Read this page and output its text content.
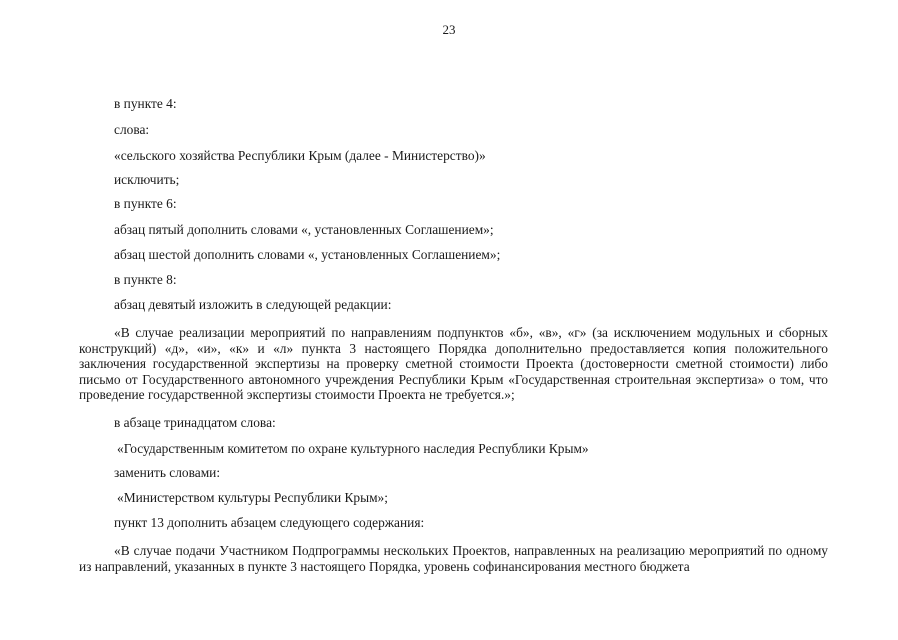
23
в пункте 4:
слова:
«сельского хозяйства Республики Крым (далее - Министерство)»
исключить;
в пункте 6:
абзац пятый дополнить словами «, установленных Соглашением»;
абзац шестой дополнить словами «, установленных Соглашением»;
в пункте 8:
абзац девятый изложить в следующей редакции:
«В случае реализации мероприятий по направлениям подпунктов «б», «в», «г» (за исключением модульных и сборных конструкций) «д», «и», «к» и «л» пункта 3 настоящего Порядка дополнительно предоставляется копия положительного заключения государственной экспертизы на проверку сметной стоимости Проекта (достоверности сметной стоимости) либо письмо от Государственного автономного учреждения Республики Крым «Государственная строительная экспертиза» о том, что проведение государственной экспертизы стоимости Проекта не требуется.»;
в абзаце тринадцатом слова:
«Государственным комитетом по охране культурного наследия Республики Крым»
заменить словами:
«Министерством культуры Республики Крым»;
пункт 13 дополнить абзацем следующего содержания:
«В случае подачи Участником Подпрограммы нескольких Проектов, направленных на реализацию мероприятий по одному из направлений, указанных в пункте 3 настоящего Порядка, уровень софинансирования местного бюджета
